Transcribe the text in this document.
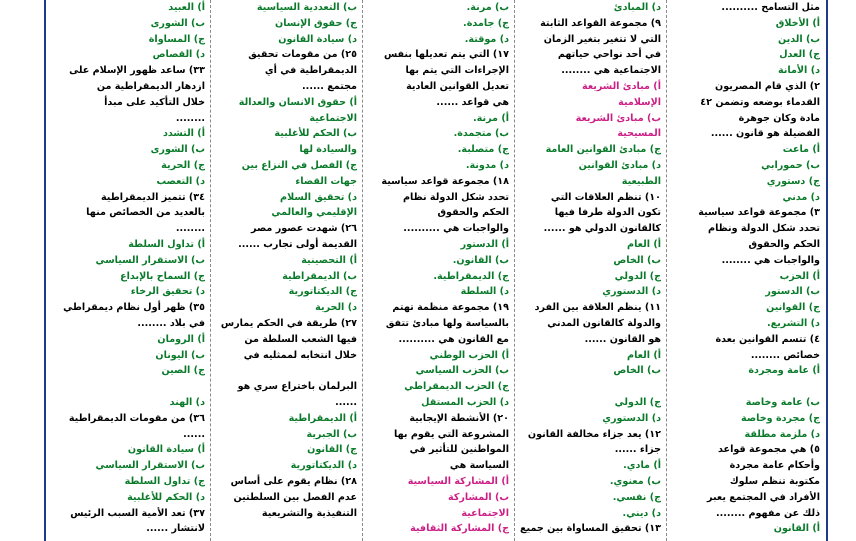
مثل التسامح ..........
أ) الأخلاق
ب) الدين
ج) العدل
د) الأمانة
٢) الذي قام المصريون
القدماء بوضعه وتضمن ٤٢
مادة وكان جوهرة
الفضيلة هو قانون ......
أ) ماعت
ب) حمورابي
ج) دستوري
د) مدني
٣) مجموعة قواعد سياسية
تحدد شكل الدولة ونظام
الحكم والحقوق
والواجبات هي ........
أ) الحزب
ب) الدستور
ج) القوانين
د) التشريع.
٤) تتسم القوانين بعدة
خصائص ........
أ) عامة ومجردة
ب) عامة وخاصة
ج) مجردة وخاصة
د) ملزمة مطلقة
٥) هي مجموعة قواعد
وأحكام عامة مجردة
مكتوبة تنظم سلوك
الأفراد في المجتمع يعبر
ذلك عن مفهوم ........
أ) القانون
د) المبادئ
٩) مجموعة القواعد الثابتة
التي لا تتغير بتغير الزمان
في أحد نواحي حياتهم
الاجتماعية هي ........
أ) مبادئ الشريعة
الإسلامية
ب) مبادئ الشريعة
المسيحية
ج) مبادئ القوانين العامة
د) مبادئ القوانين
الطبيعية
١٠) تنظم العلاقات التي
تكون الدولة طرفا فيها
كالقانون الدولي هو ......
أ) العام
ب) الخاص
ج) الدولي
د) الدستوري
١١) ينظم العلاقة بين الفرد
والدولة كالقانون المدني
هو القانون ......
أ) العام
ب) الخاص
ج) الدولي
د) الدستوري
١٢) يعد جزاء مخالفة القانون
جزاء ......
أ) مادي.
ب) معنوي.
ج) نفسي.
د) ديني.
١٣) تحقيق المساواة بين جميع
ب) مرنة.
ج) جامدة.
د) موقتة.
١٧) التي يتم تعديلها بنفس
الإجراءات التي يتم بها
تعديل القوانين العادية
هي قواعد ......
أ) مرنة.
ب) متجمدة.
ج) متصلبة.
د) مدونة.
١٨) مجموعة قواعد سياسية
تحدد شكل الدولة نظام
الحكم والحقوق
والواجبات هي ..........
أ) الدستور
ب) القانون.
ج) الديمقراطية.
د) السلطة
١٩) مجموعة منظمة تهتم
بالسياسة ولها مبادئ تتفق
مع القانون هي ..........
أ) الحزب الوطني
ب) الحزب السياسي
ج) الحزب الديمقراطي
د) الحزب المستقل
٢٠) الأنشطة الإيجابية
المشروعة التي يقوم بها
المواطنين للتأثير في
السياسة هي
أ) المشاركة السياسية
ب) المشاركة
الاجتماعية
ج) المشاركة الثقافية
ب) التعددية السياسية
ج) حقوق الإنسان
د) سيادة القانون
٢٥) من مقومات تحقيق
الديمقراطية في أي
مجتمع ......
أ) حقوق الانسان والعدالة
الاجتماعية
ب) الحكم للأغلبية
والسيادة لها
ج) الفصل في النزاع بين
جهات القضاء
د) تحقيق السلام
الإقليمي والعالمي
٢٦) شهدت عصور مصر
القديمة أولى تجارب ......
أ) التحصينية
ب) الديمقراطية
ج) الديكتاتورية
د) الحرية
٢٧) طريقة في الحكم يمارس
فيها الشعب السلطة من
خلال انتخابه لممثليه في
البرلمان باختراع سري هو
......
أ) الديمقراطية
ب) الجبرية
ج) القانون
د) الديكتاتورية
٢٨) نظام يقوم على أساس
عدم الفصل بين السلطتين
التنفيذية والتشريعية
أ) العبيد
ب) الشورى
ج) المساواة
د) القصاص
٣٣) ساعد ظهور الإسلام على
ازدهار الديمقراطية من
خلال التأكيد على مبدأ
........
أ) التشدد
ب) الشورى
ج) الحرية
د) التعصب
٣٤) تتميز الديمقراطية
بالعديد من الخصائص منها
........
أ) تداول السلطة
ب) الاستقرار السياسي
ج) السماح بالإبداع
د) تحقيق الرخاء
٣٥) ظهر أول نظام ديمقراطي
في بلاد ........
أ) الرومان
ب) اليونان
ج) الصين
د) الهند
٣٦) من مقومات الديمقراطية
......
أ) سيادة القانون
ب) الاستقرار السياسي
ج) تداول السلطة
د) الحكم للأغلبية
٣٧) تعد الأمية السبب الرئيس
لانتشار ......
